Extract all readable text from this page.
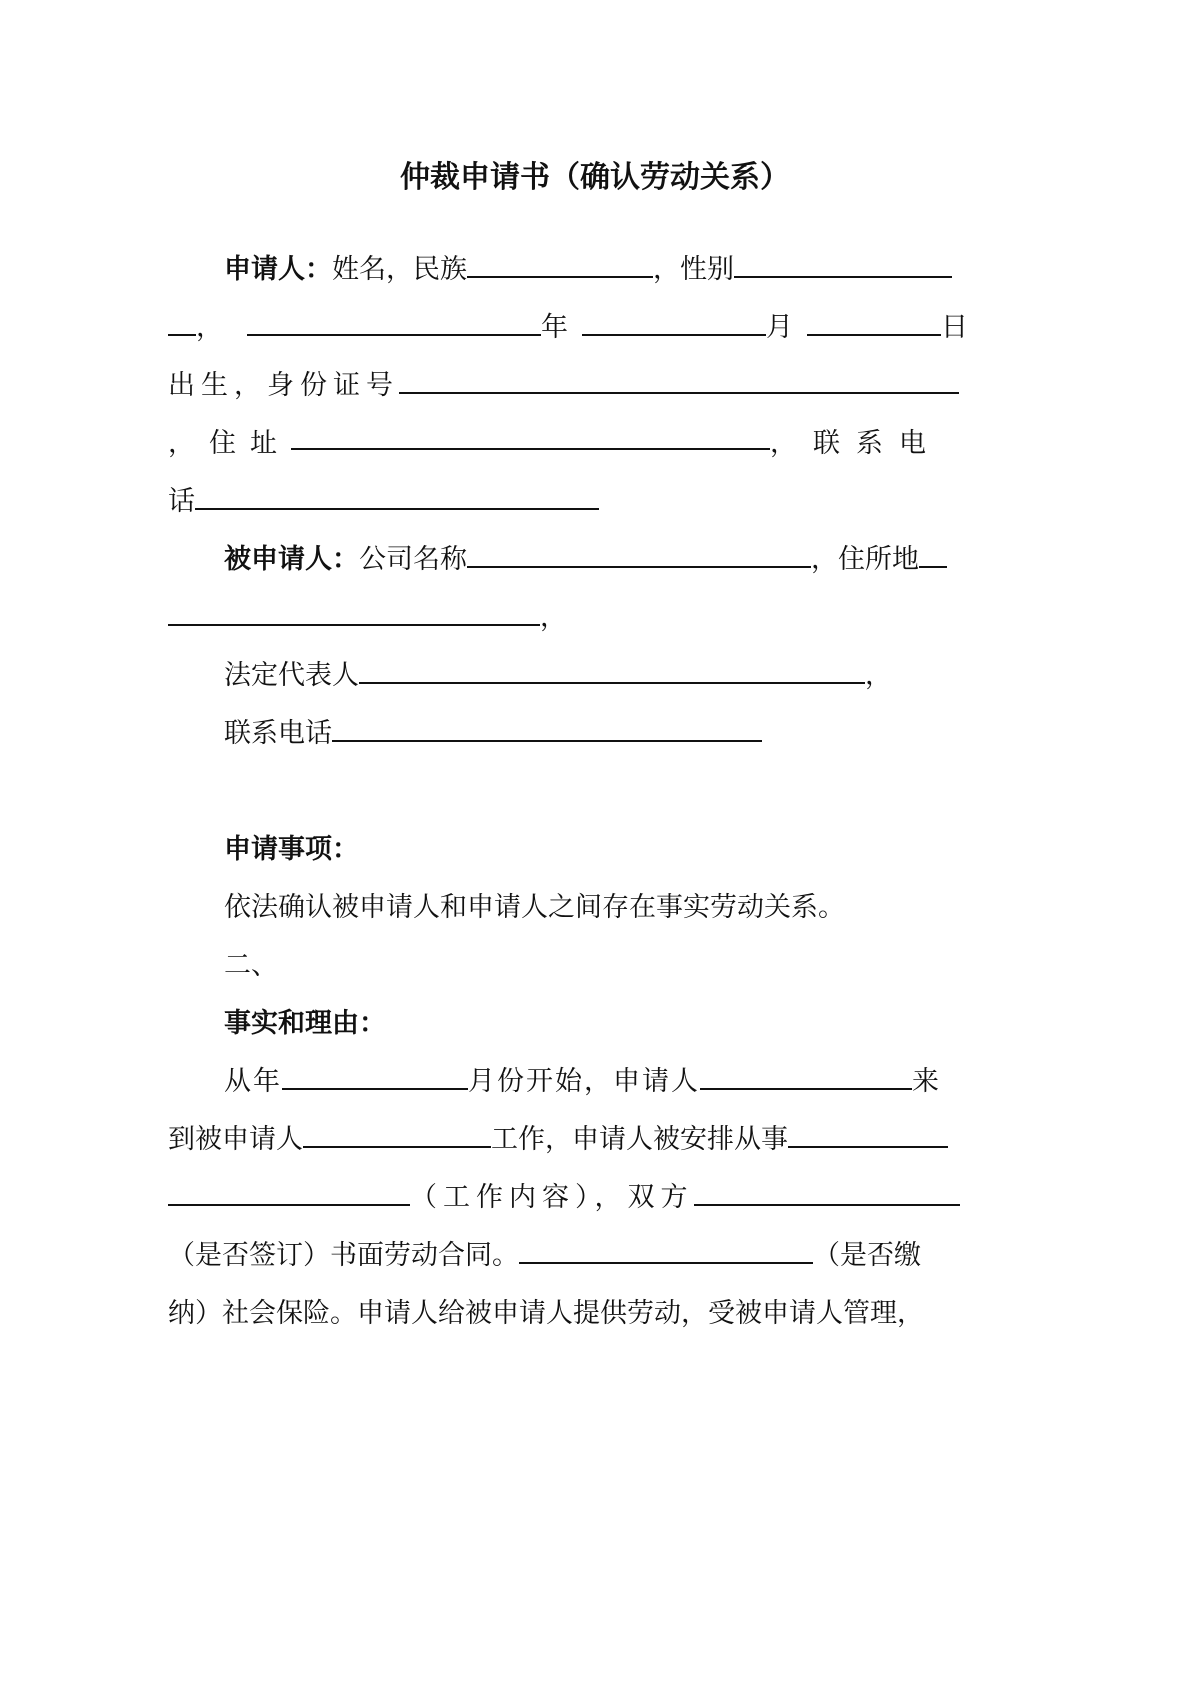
仲裁申请书（确认劳动关系）
申请人：姓名，民族	，性别
，	年	月	日
出生，身份证号
，住址	，联系电
话
被申请人：公司名称	，住所地
，
法定代表人	，
联系电话
申请事项：
依法确认被申请人和申请人之间存在事实劳动关系。
二、
事实和理由：
从年	月份开始，申请人	来
到被申请人	工作，申请人被安排从事
（工作内容），双方
（是否签订）书面劳动合同。	（是否缴
纳）社会保险。申请人给被申请人提供劳动，受被申请人管理，
